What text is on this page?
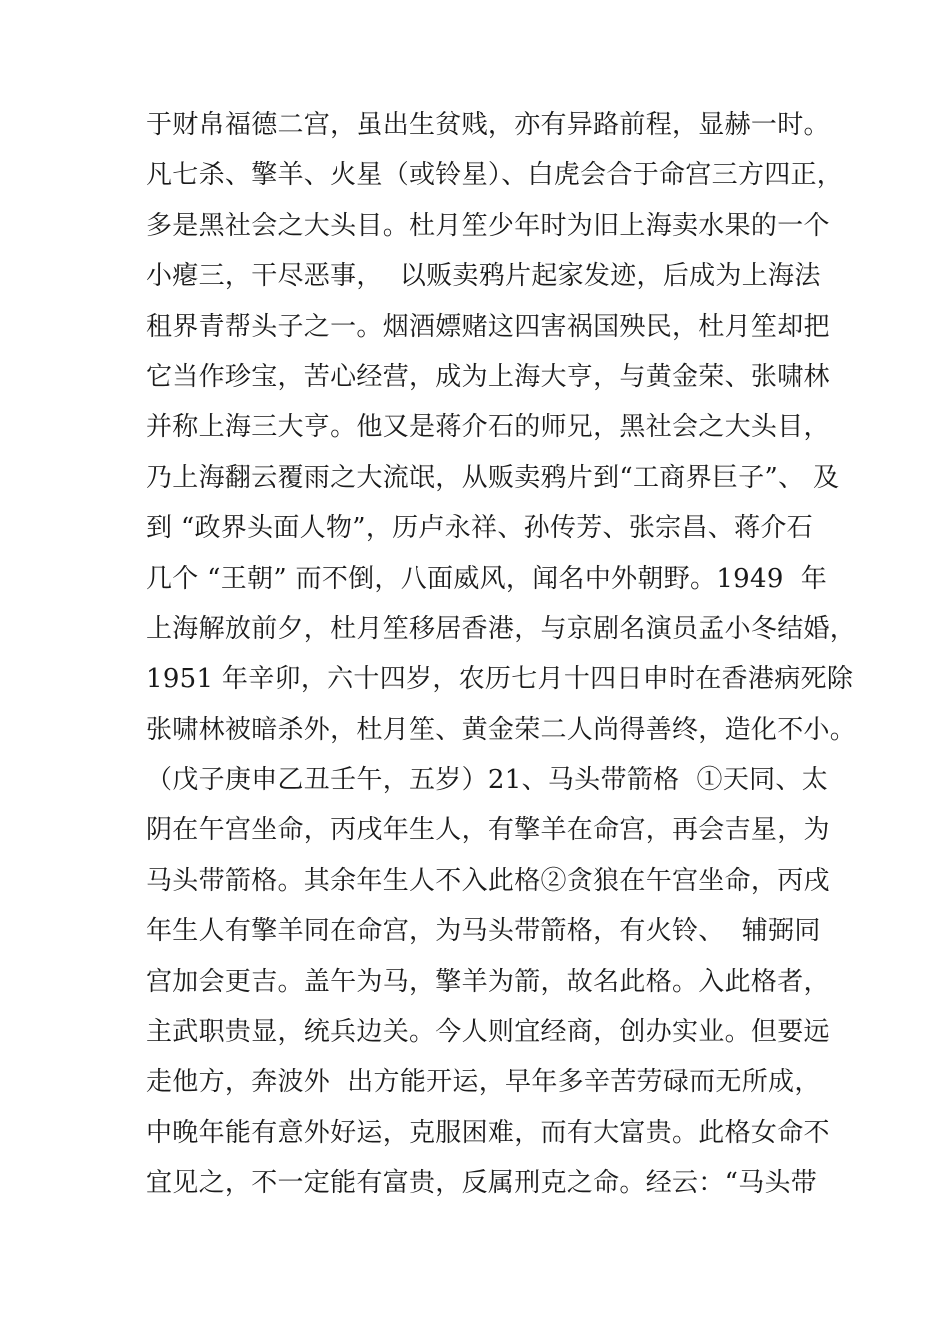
于财帛福德二宫，虽出生贫贱，亦有异路前程，显赫一时。
凡七杀、擎羊、火星（或铃星）、白虎会合于命宫三方四正，
多是黑社会之大头目。杜月笙少年时为旧上海卖水果的一个
小瘪三，干尽恶事，  以贩卖鸦片起家发迹，后成为上海法
租界青帮头子之一。烟酒嫖赌这四害祸国殃民，杜月笙却把
它当作珍宝，苦心经营，成为上海大亨，与黄金荣、张啸林
并称上海三大亨。他又是蒋介石的师兄，黑社会之大头目，
乃上海翻云覆雨之大流氓，从贩卖鸦片到“工商界巨子”、 及
到 “政界头面人物”，历卢永祥、孙传芳、张宗昌、蒋介石
几个 “王朝” 而不倒，八面威风，闻名中外朝野。1949  年
上海解放前夕，杜月笙移居香港，与京剧名演员孟小冬结婚，
1951 年辛卯，六十四岁，农历七月十四日申时在香港病死除
张啸林被暗杀外，杜月笙、黄金荣二人尚得善终，造化不小。
（戊子庚申乙丑壬午，五岁）21、马头带箭格  ①天同、太
阴在午宫坐命，丙戌年生人，有擎羊在命宫，再会吉星，为
马头带箭格。其余年生人不入此格②贪狼在午宫坐命，丙戌
年生人有擎羊同在命宫，为马头带箭格，有火铃、  辅弼同
宫加会更吉。盖午为马，擎羊为箭，故名此格。入此格者，
主武职贵显，统兵边关。今人则宜经商，创办实业。但要远
走他方，奔波外  出方能开运，早年多辛苦劳碌而无所成，
中晚年能有意外好运，克服困难，而有大富贵。此格女命不
宜见之，不一定能有富贵，反属刑克之命。经云：“马头带
